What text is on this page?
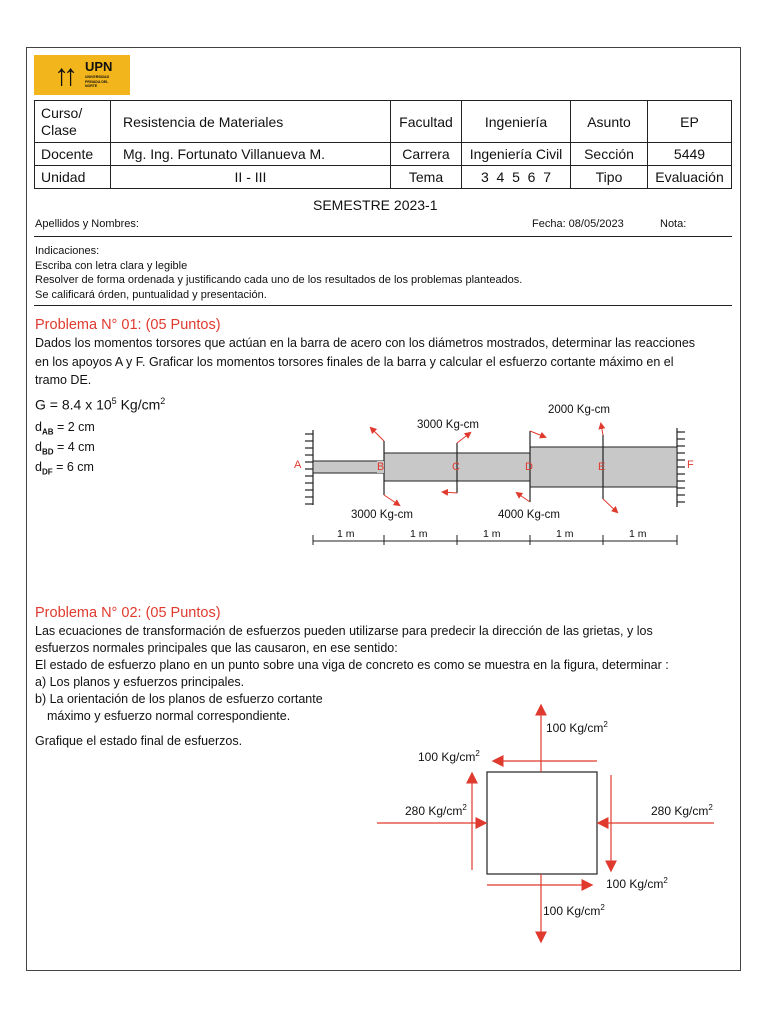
↑↑ UPN
UNIVERSIDAD PRIVADA DEL NORTE
Curso/
Clase	Resistencia de Materiales	Facultad	Ingeniería	Asunto	EP
Docente	Mg. Ing. Fortunato Villanueva M.	Carrera	Ingeniería Civil	Sección	5449
Unidad	II - III	Tema	3  4  5  6  7	Tipo	Evaluación
SEMESTRE 2023-1
Apellidos y Nombres:	Fecha: 08/05/2023	Nota:
Indicaciones:
Escriba con letra clara y legible
Resolver de forma ordenada y justificando cada uno de los resultados de los problemas planteados.
Se calificará órden, puntualidad y presentación.
Problema N° 01: (05 Puntos)
Dados los momentos torsores que actúan en la barra de acero con los diámetros mostrados, determinar las reacciones
en los apoyos A y F. Graficar los momentos torsores finales de la barra y calcular el esfuerzo cortante máximo en el
tramo DE.
G = 8.4 x $10^5$ $Kg/cm^2$
$d_{AB} = 2$ cm
$d_{BD} = 4$ cm
$d_{DF} = 6$ cm	A	B	C	D	E	F
3000 Kg-cm
2000 Kg-cm
3000 Kg-cm	4000 Kg-cm
1 m	1 m	1 m	1 m	1 m
Problema N° 02: (05 Puntos)
Las ecuaciones de transformación de esfuerzos pueden utilizarse para predecir la dirección de las grietas, y los
esfuerzos normales principales que las causaron, en ese sentido:
El estado de esfuerzo plano en un punto sobre una viga de concreto es como se muestra en la figura, determinar :
a) Los planos y esfuerzos principales.
b) La orientación de los planos de esfuerzo cortante
máximo y esfuerzo normal correspondiente.
Grafique el estado final de esfuerzos.
100 $Kg/cm^2$
100 $Kg/cm^2$
280 $Kg/cm^2$	280 $Kg/cm^2$
100 $Kg/cm^2$
100 $Kg/cm^2$
